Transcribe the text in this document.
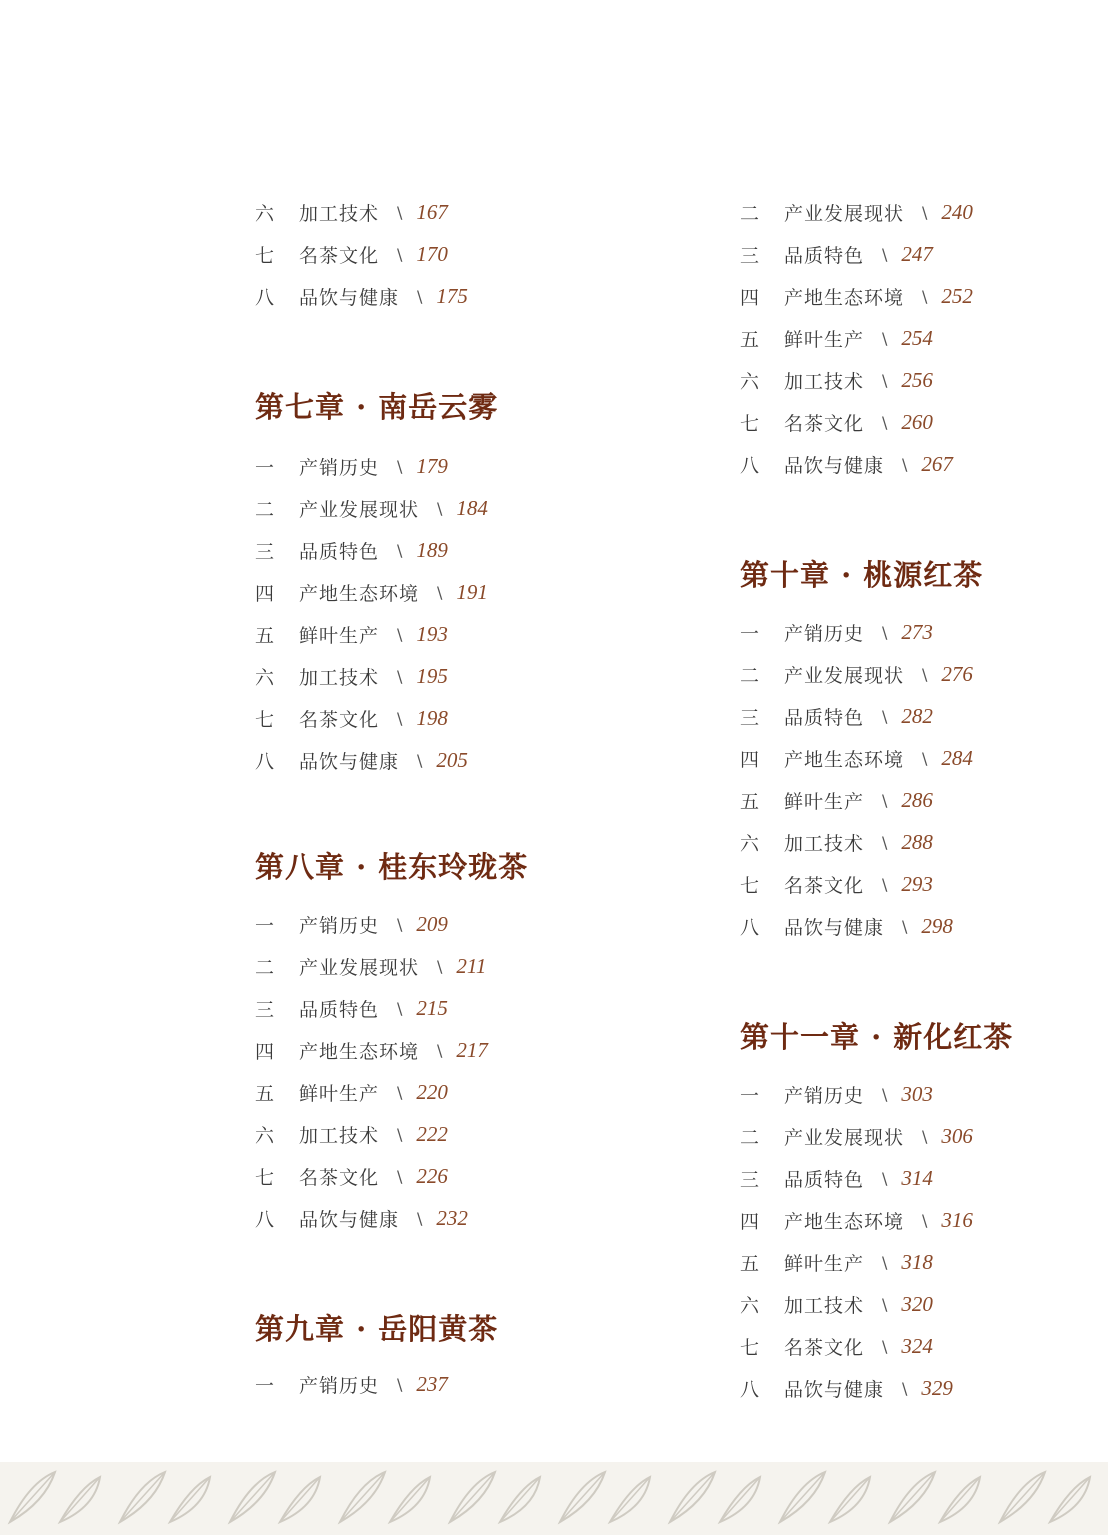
六	加工技术 \ 167
七	名茶文化 \ 170
八	品饮与健康 \ 175
第七章 · 南岳云雾
一	产销历史 \ 179
二	产业发展现状 \ 184
三	品质特色 \ 189
四	产地生态环境 \ 191
五	鲜叶生产 \ 193
六	加工技术 \ 195
七	名茶文化 \ 198
八	品饮与健康 \ 205
第八章 · 桂东玲珑茶
一	产销历史 \ 209
二	产业发展现状 \ 211
三	品质特色 \ 215
四	产地生态环境 \ 217
五	鲜叶生产 \ 220
六	加工技术 \ 222
七	名茶文化 \ 226
八	品饮与健康 \ 232
第九章 · 岳阳黄茶
一	产销历史 \ 237
二	产业发展现状 \ 240
三	品质特色 \ 247
四	产地生态环境 \ 252
五	鲜叶生产 \ 254
六	加工技术 \ 256
七	名茶文化 \ 260
八	品饮与健康 \ 267
第十章 · 桃源红茶
一	产销历史 \ 273
二	产业发展现状 \ 276
三	品质特色 \ 282
四	产地生态环境 \ 284
五	鲜叶生产 \ 286
六	加工技术 \ 288
七	名茶文化 \ 293
八	品饮与健康 \ 298
第十一章 · 新化红茶
一	产销历史 \ 303
二	产业发展现状 \ 306
三	品质特色 \ 314
四	产地生态环境 \ 316
五	鲜叶生产 \ 318
六	加工技术 \ 320
七	名茶文化 \ 324
八	品饮与健康 \ 329
